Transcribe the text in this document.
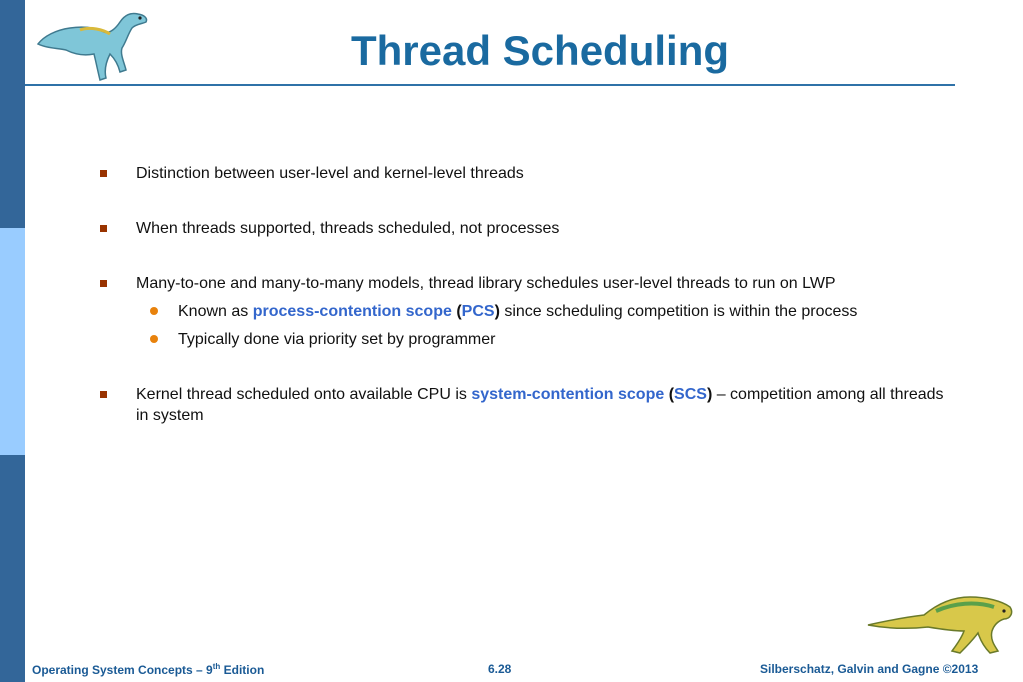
Thread Scheduling
Distinction between user-level and kernel-level threads
When threads supported, threads scheduled, not processes
Many-to-one and many-to-many models, thread library schedules user-level threads to run on LWP
Known as process-contention scope (PCS) since scheduling competition is within the process
Typically done via priority set by programmer
Kernel thread scheduled onto available CPU is system-contention scope (SCS) – competition among all threads in system
Operating System Concepts – 9th Edition	6.28	Silberschatz, Galvin and Gagne ©2013
